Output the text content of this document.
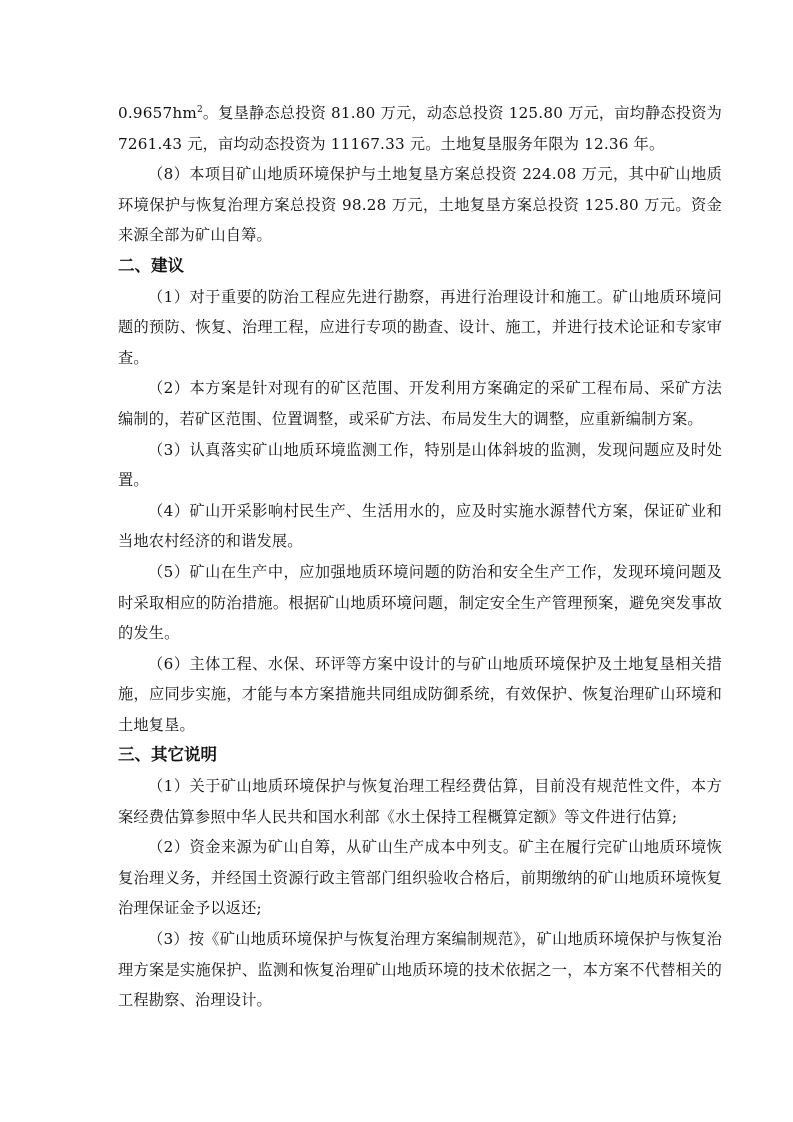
$0.9657hm^2$。复垦静态总投资 81.80 万元，动态总投资 125.80 万元，亩均静态投资为 7261.43 元，亩均动态投资为 11167.33 元。土地复垦服务年限为 12.36 年。

（8）本项目矿山地质环境保护与土地复垦方案总投资 224.08 万元，其中矿山地质环境保护与恢复治理方案总投资 98.28 万元，土地复垦方案总投资 125.80 万元。资金来源全部为矿山自筹。

二、建议

（1）对于重要的防治工程应先进行勘察，再进行治理设计和施工。矿山地质环境问题的预防、恢复、治理工程，应进行专项的勘查、设计、施工，并进行技术论证和专家审查。

（2）本方案是针对现有的矿区范围、开发利用方案确定的采矿工程布局、采矿方法编制的，若矿区范围、位置调整，或采矿方法、布局发生大的调整，应重新编制方案。

（3）认真落实矿山地质环境监测工作，特别是山体斜坡的监测，发现问题应及时处置。

（4）矿山开采影响村民生产、生活用水的，应及时实施水源替代方案，保证矿业和当地农村经济的和谐发展。

（5）矿山在生产中，应加强地质环境问题的防治和安全生产工作，发现环境问题及时采取相应的防治措施。根据矿山地质环境问题，制定安全生产管理预案，避免突发事故的发生。

（6）主体工程、水保、环评等方案中设计的与矿山地质环境保护及土地复垦相关措施，应同步实施，才能与本方案措施共同组成防御系统，有效保护、恢复治理矿山环境和土地复垦。

三、其它说明

（1）关于矿山地质环境保护与恢复治理工程经费估算，目前没有规范性文件，本方案经费估算参照中华人民共和国水利部《水土保持工程概算定额》等文件进行估算;

（2）资金来源为矿山自筹，从矿山生产成本中列支。矿主在履行完矿山地质环境恢复治理义务，并经国土资源行政主管部门组织验收合格后，前期缴纳的矿山地质环境恢复治理保证金予以返还;

（3）按《矿山地质环境保护与恢复治理方案编制规范》，矿山地质环境保护与恢复治理方案是实施保护、监测和恢复治理矿山地质环境的技术依据之一，本方案不代替相关的工程勘察、治理设计。
